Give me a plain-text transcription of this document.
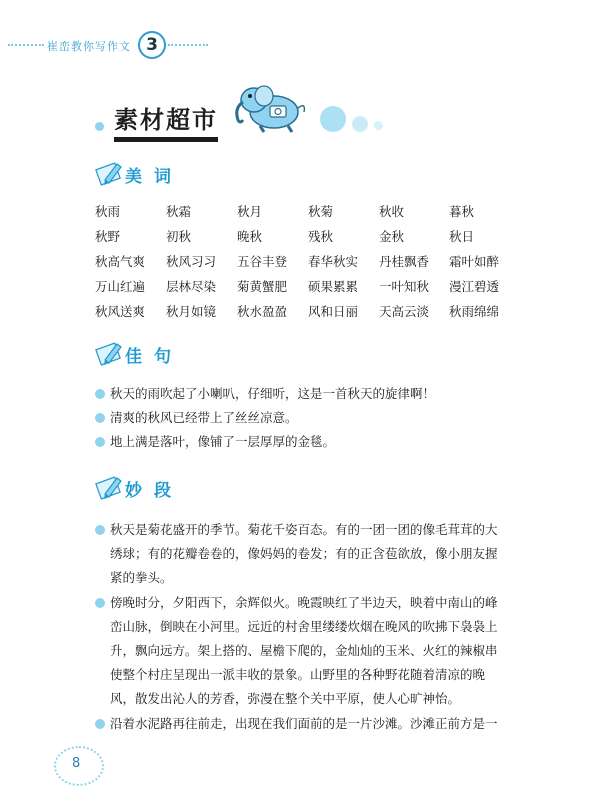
崔峦教你写作文 3
素材超市
美词
秋雨	秋霜	秋月	秋菊	秋收	暮秋
秋野	初秋	晚秋	残秋	金秋	秋日
秋高气爽 秋风习习 五谷丰登 春华秋实 丹桂飘香 霜叶如醉
万山红遍 层林尽染 菊黄蟹肥 硕果累累 一叶知秋 漫江碧透
秋风送爽 秋月如镜 秋水盈盈 风和日丽 天高云淡 秋雨绵绵
佳句
秋天的雨吹起了小喇叭，仔细听，这是一首秋天的旋律啊！
清爽的秋风已经带上了丝丝凉意。
地上满是落叶，像铺了一层厚厚的金毯。
妙段
秋天是菊花盛开的季节。菊花千姿百态。有的一团一团的像毛茸茸的大
绣球；有的花瓣卷卷的，像妈妈的卷发；有的正含苞欲放，像小朋友握
紧的拳头。
傍晚时分，夕阳西下，余辉似火。晚霞映红了半边天，映着中南山的峰
峦山脉，倒映在小河里。远近的村舍里缕缕炊烟在晚风的吹拂下袅袅上
升，飘向远方。架上搭的、屋檐下爬的，金灿灿的玉米、火红的辣椒串
使整个村庄呈现出一派丰收的景象。山野里的各种野花随着清凉的晚
风，散发出沁人的芳香，弥漫在整个关中平原，使人心旷神怡。
沿着水泥路再往前走，出现在我们面前的是一片沙滩。沙滩正前方是一
8
